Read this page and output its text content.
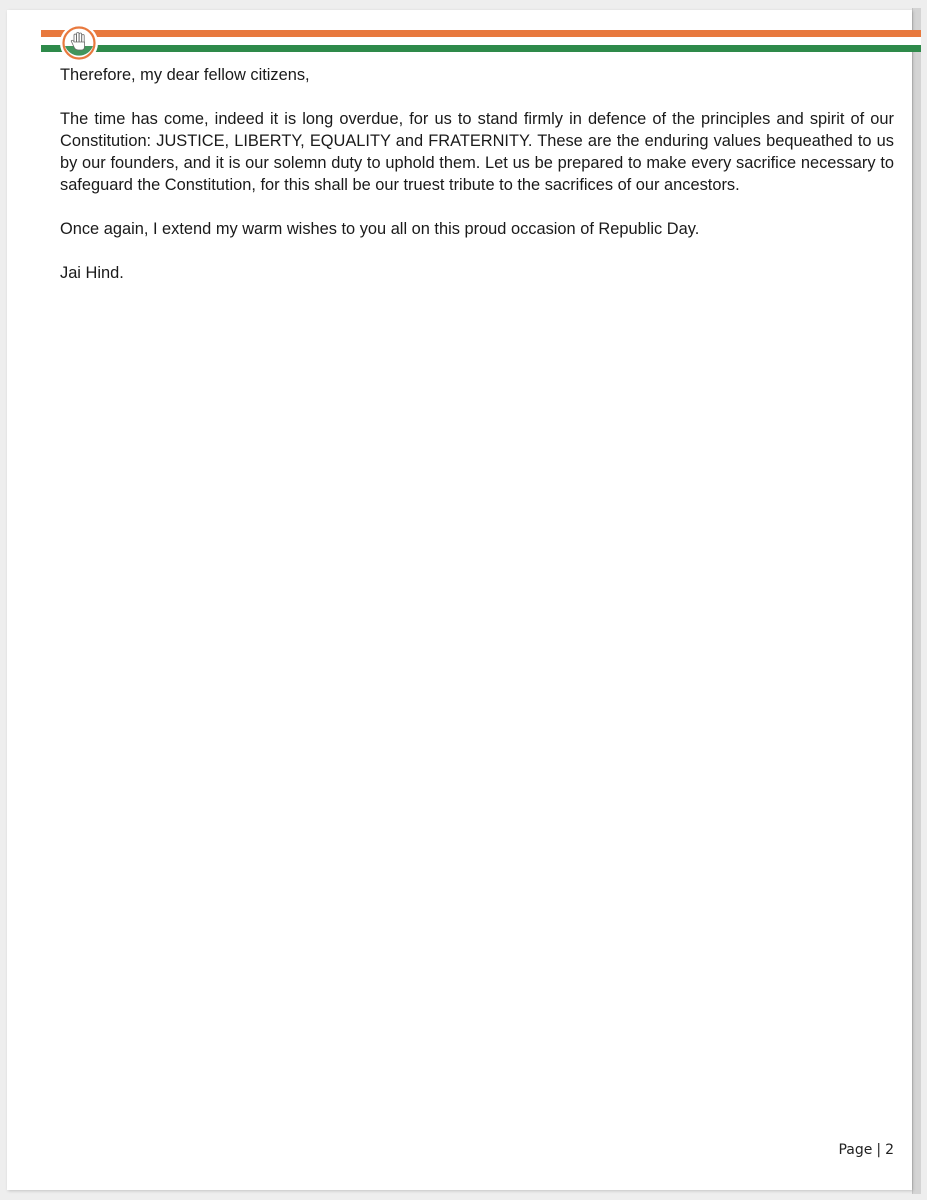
Therefore, my dear fellow citizens,

The time has come, indeed it is long overdue, for us to stand firmly in defence of the principles and spirit of our Constitution: JUSTICE, LIBERTY, EQUALITY and FRATERNITY. These are the enduring values bequeathed to us by our founders, and it is our solemn duty to uphold them. Let us be prepared to make every sacrifice necessary to safeguard the Constitution, for this shall be our truest tribute to the sacrifices of our ancestors.

Once again, I extend my warm wishes to you all on this proud occasion of Republic Day.

Jai Hind.

Page | 2
